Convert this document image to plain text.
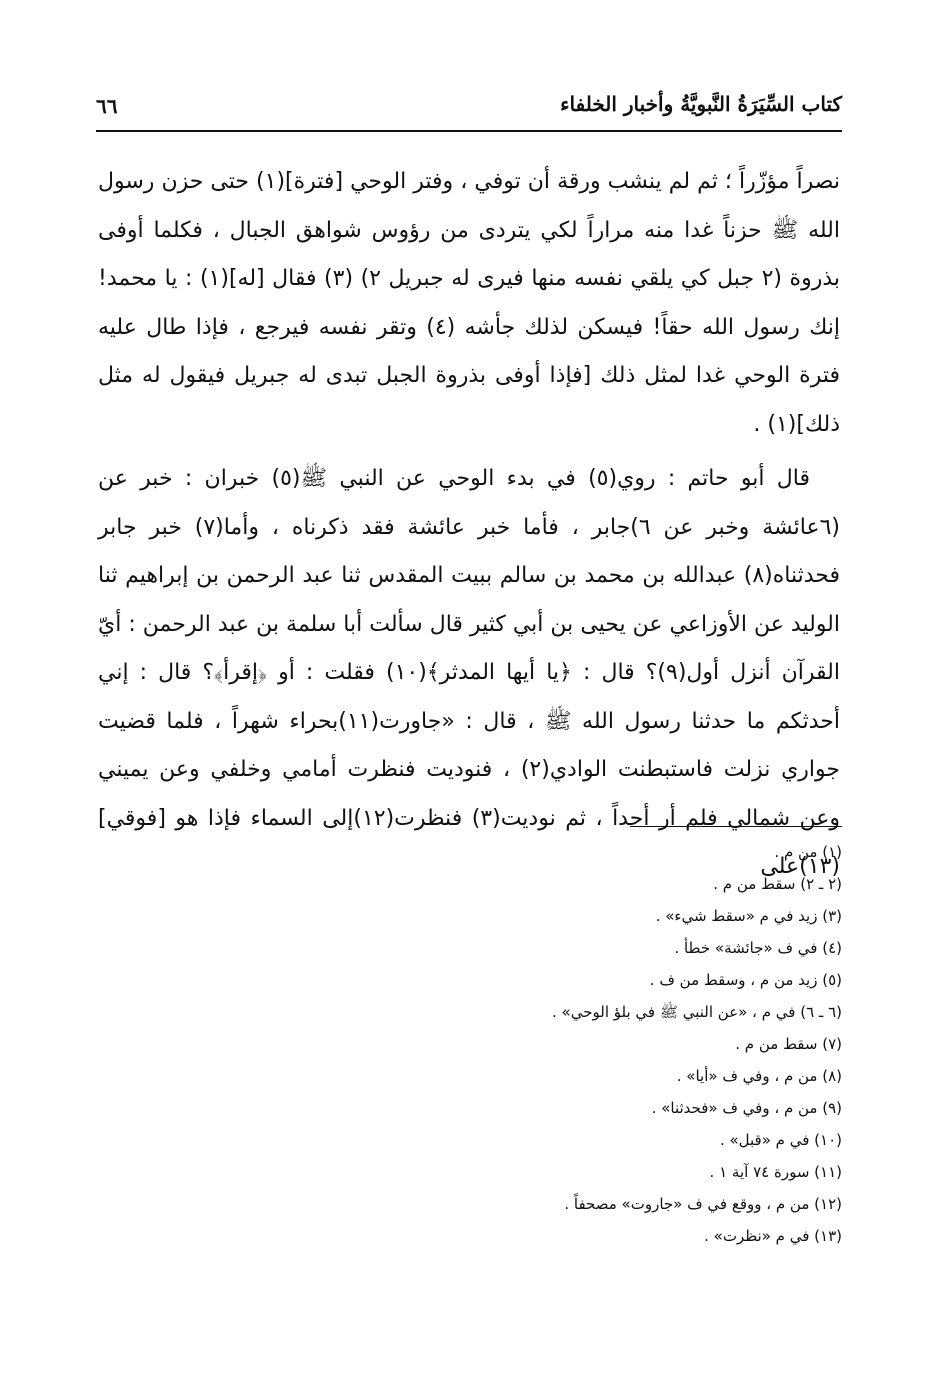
كتاب السِّيَرَةُ النَّبويَّةُ وأخبار الخلفاء
٦٦

نصراً مؤزّراً ؛ ثم لم ينشب ورقة أن توفي ، وفتر الوحي [فترة](١) حتى حزن رسول الله ﷺ حزناً غدا منه مراراً لكي يتردى من رؤوس شواهق الجبال ، فكلما أوفى بذروة (٢ جبل كي يلقي نفسه منها فيرى له جبريل ٢) (٣) فقال [له](١) : يا محمد! إنك رسول الله حقاً! فيسكن لذلك جأشه (٤) وتقر نفسه فيرجع ، فإذا طال عليه فترة الوحي غدا لمثل ذلك [فإذا أوفى بذروة الجبل تبدى له جبريل فيقول له مثل ذلك](١) .

قال أبو حاتم : روي(٥) في بدء الوحي عن النبي ﷺ(٥) خبران : خبر عن (٦عائشة وخبر عن ٦)جابر ، فأما خبر عائشة فقد ذكرناه ، وأما(٧) خبر جابر فحدثناه(٨) عبدالله بن محمد بن سالم ببيت المقدس ثنا عبد الرحمن بن إبراهيم ثنا الوليد عن الأوزاعي عن يحيى بن أبي كثير قال سألت أبا سلمة بن عبد الرحمن : أيّ القرآن أنزل أول(٩)؟ قال : ﴿يا أيها المدثر﴾(١٠) فقلت : أو ﴿إقرأ﴾؟ قال : إني أحدثكم ما حدثنا رسول الله ﷺ ، قال : «جاورت(١١)بحراء شهراً ، فلما قضيت جواري نزلت فاستبطنت الوادي(٢) ، فنوديت فنظرت أمامي وخلفي وعن يميني وعن شمالي فلم أر أحداً ، ثم نوديت(٣) فنظرت(١٢)إلى السماء فإذا هو [فوقي](١٣)على

(١) من م .
(٢ ـ ٢) سقط من م .
(٣) زيد في م «سقط شيء» .
(٤) في ف «جائشة» خطأ .
(٥) زيد من م ، وسقط من ف .
(٦ ـ ٦) في م ، «عن النبي ﷺ في بلؤ الوحي» .
(٧) سقط من م .
(٨) من م ، وفي ف «أيا» .
(٩) من م ، وفي ف «فحدثنا» .
(١٠) في م «قبل» .
(١١) سورة ٧٤ آية ١ .
(١٢) من م ، ووقع في ف «جاروت» مصحفاً .
(١٣) في م «نظرت» .
